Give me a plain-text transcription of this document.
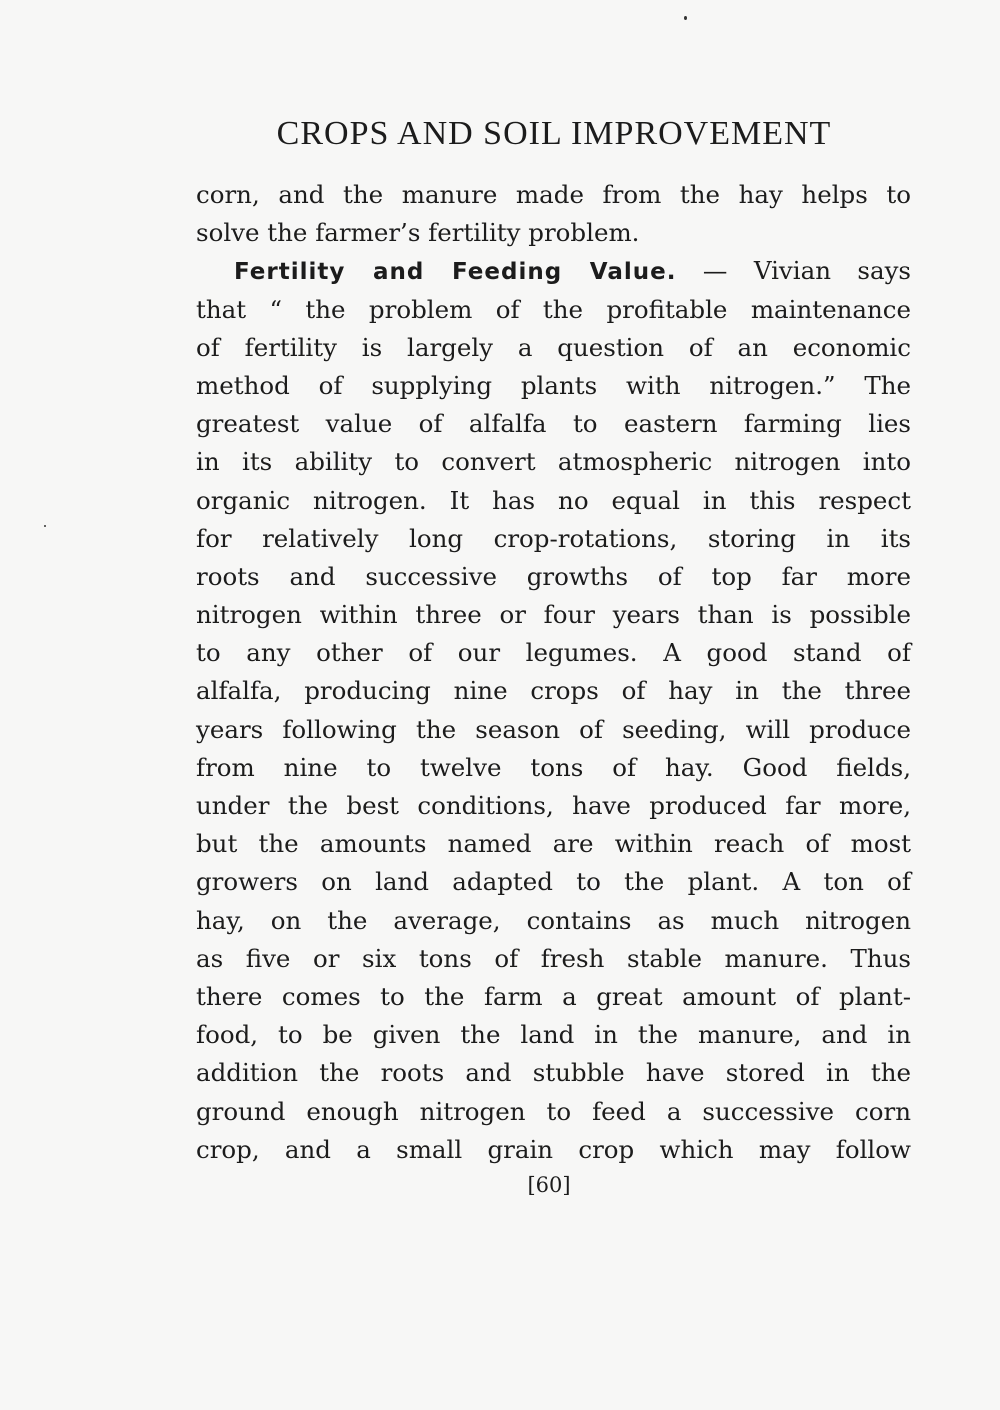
CROPS AND SOIL IMPROVEMENT
corn, and the manure made from the hay helps to
solve the farmer’s fertility problem.
Fertility and Feeding Value. — Vivian says
that “ the problem of the profitable maintenance
of fertility is largely a question of an economic
method of supplying plants with nitrogen.” The
greatest value of alfalfa to eastern farming lies
in its ability to convert atmospheric nitrogen into
organic nitrogen. It has no equal in this respect
for relatively long crop-rotations, storing in its
roots and successive growths of top far more
nitrogen within three or four years than is possible
to any other of our legumes. A good stand of
alfalfa, producing nine crops of hay in the three
years following the season of seeding, will produce
from nine to twelve tons of hay. Good fields,
under the best conditions, have produced far more,
but the amounts named are within reach of most
growers on land adapted to the plant. A ton of
hay, on the average, contains as much nitrogen
as five or six tons of fresh stable manure. Thus
there comes to the farm a great amount of plant-
food, to be given the land in the manure, and in
addition the roots and stubble have stored in the
ground enough nitrogen to feed a successive corn
crop, and a small grain crop which may follow
[60]
